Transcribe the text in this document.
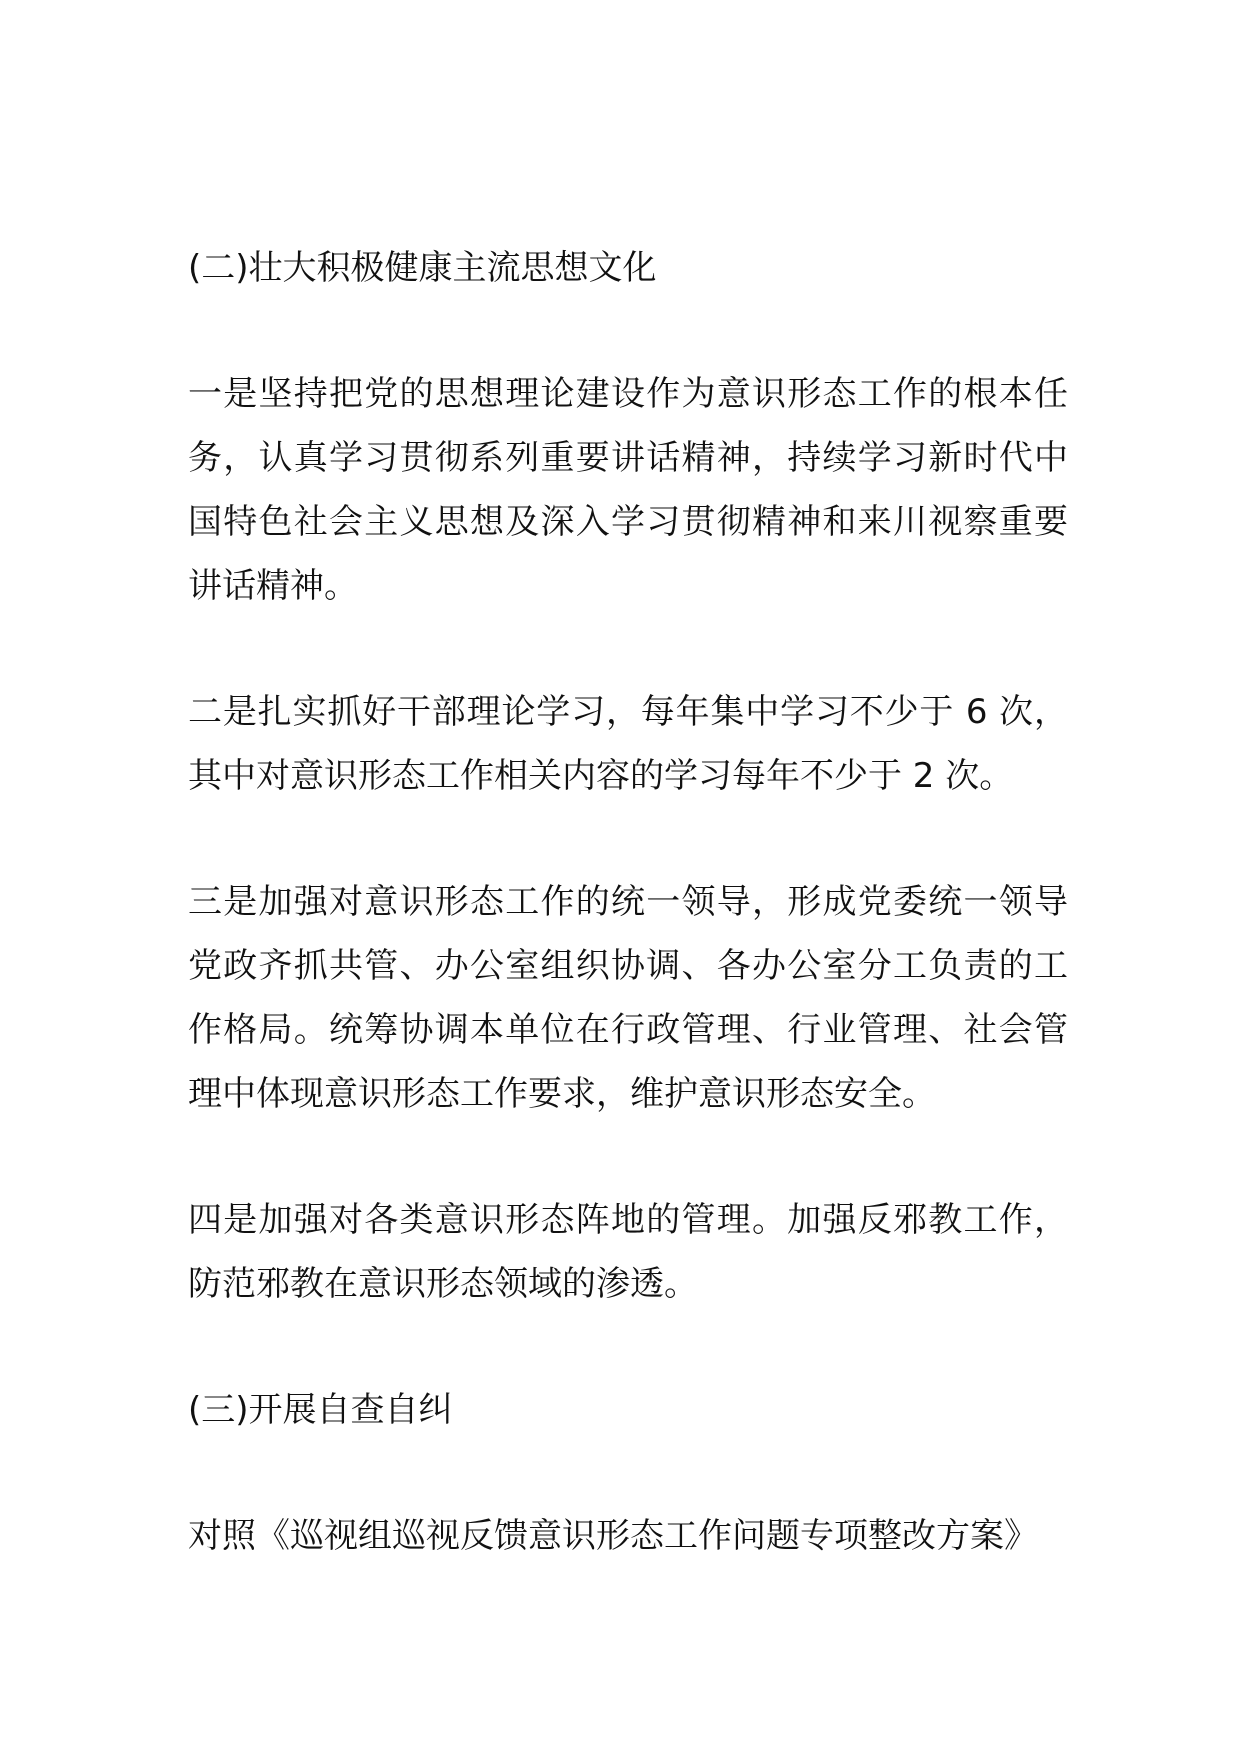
(二)壮大积极健康主流思想文化

一是坚持把党的思想理论建设作为意识形态工作的根本任务，认真学习贯彻系列重要讲话精神，持续学习新时代中国特色社会主义思想及深入学习贯彻精神和来川视察重要讲话精神。

二是扎实抓好干部理论学习，每年集中学习不少于 6 次，其中对意识形态工作相关内容的学习每年不少于 2 次。

三是加强对意识形态工作的统一领导，形成党委统一领导党政齐抓共管、办公室组织协调、各办公室分工负责的工作格局。统筹协调本单位在行政管理、行业管理、社会管理中体现意识形态工作要求，维护意识形态安全。

四是加强对各类意识形态阵地的管理。加强反邪教工作，防范邪教在意识形态领域的渗透。

(三)开展自查自纠

对照《巡视组巡视反馈意识形态工作问题专项整改方案》
